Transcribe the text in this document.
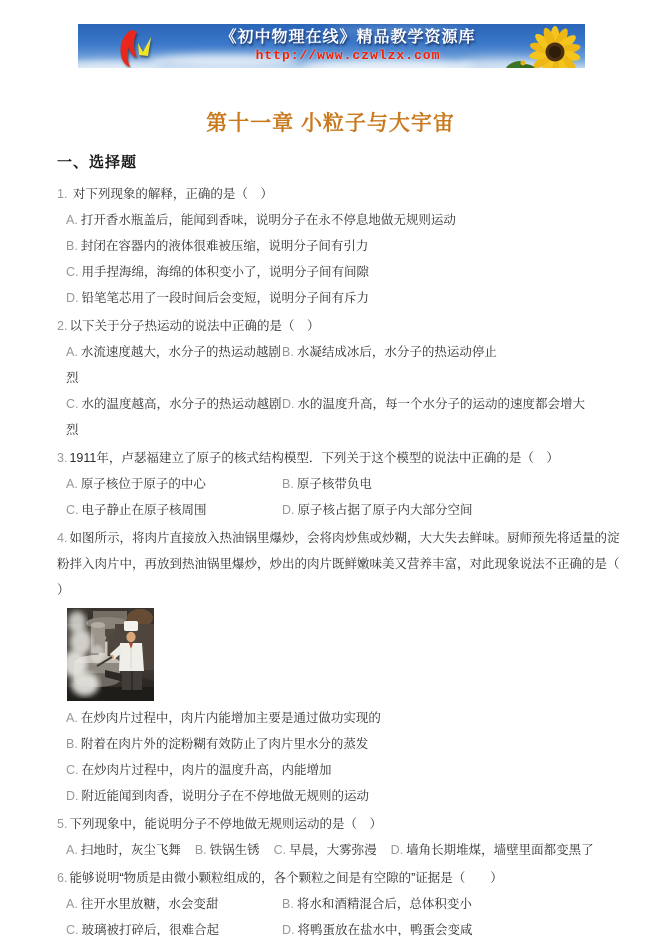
《初中物理在线》精品教学资源库
http://www.czwlzx.com
第十一章 小粒子与大宇宙
一、选择题
1. 对下列现象的解释，正确的是（　）
A. 打开香水瓶盖后，能闻到香味，说明分子在永不停息地做无规则运动
B. 封闭在容器内的液体很难被压缩，说明分子间有引力
C. 用手捏海绵，海绵的体积变小了，说明分子间有间隙
D. 铅笔笔芯用了一段时间后会变短，说明分子间有斥力
2. 以下关于分子热运动的说法中正确的是（　）
A. 水流速度越大，水分子的热运动越剧烈
B. 水凝结成冰后，水分子的热运动停止
C. 水的温度越高，水分子的热运动越剧烈
D. 水的温度升高，每一个水分子的运动的速度都会增大
3. 1911年，卢瑟福建立了原子的核式结构模型．下列关于这个模型的说法中正确的是（　）
A. 原子核位于原子的中心	B. 原子核带负电
C. 电子静止在原子核周围	D. 原子核占据了原子内大部分空间
4. 如图所示，将肉片直接放入热油锅里爆炒，会将肉炒焦或炒糊，大大失去鲜味。厨师预先将适量的淀粉拌入肉片中，再放到热油锅里爆炒，炒出的肉片既鲜嫩味美又营养丰富，对此现象说法不正确的是（ ）
A. 在炒肉片过程中，肉片内能增加主要是通过做功实现的
B. 附着在肉片外的淀粉糊有效防止了肉片里水分的蒸发
C. 在炒肉片过程中，肉片的温度升高，内能增加
D. 附近能闻到肉香，说明分子在不停地做无规则的运动
5. 下列现象中，能说明分子不停地做无规则运动的是（　）
A. 扫地时，灰尘飞舞 B. 铁锅生锈 C. 早晨，大雾弥漫 D. 墙角长期堆煤，墙壁里面都变黑了
6. 能够说明“物质是由微小颗粒组成的，各个颗粒之间是有空隙的”证据是（　　）
A. 往开水里放糖，水会变甜	B. 将水和酒精混合后，总体积变小
C. 玻璃被打碎后，很难合起	D. 将鸭蛋放在盐水中，鸭蛋会变咸
